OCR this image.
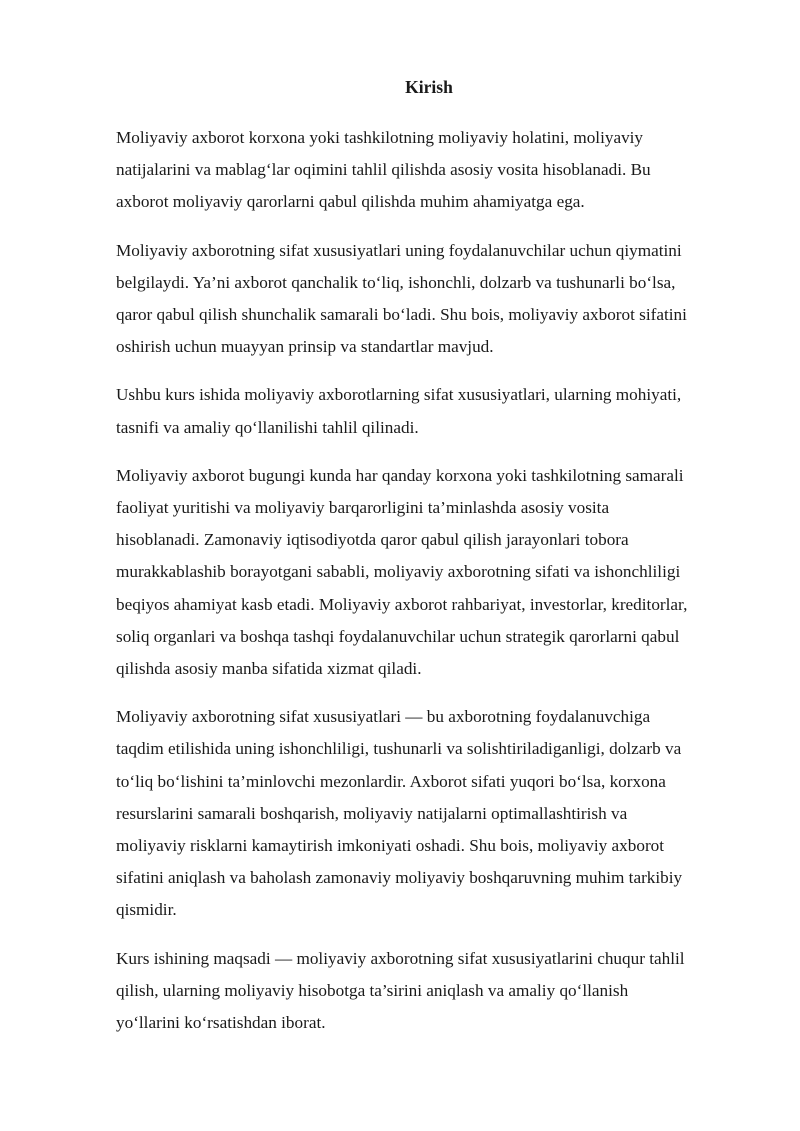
Kirish

Moliyaviy axborot korxona yoki tashkilotning moliyaviy holatini, moliyaviy
natijalarini va mablag‘lar oqimini tahlil qilishda asosiy vosita hisoblanadi. Bu
axborot moliyaviy qarorlarni qabul qilishda muhim ahamiyatga ega.

Moliyaviy axborotning sifat xususiyatlari uning foydalanuvchilar uchun qiymatini
belgilaydi. Ya’ni axborot qanchalik to‘liq, ishonchli, dolzarb va tushunarli bo‘lsa,
qaror qabul qilish shunchalik samarali bo‘ladi. Shu bois, moliyaviy axborot sifatini
oshirish uchun muayyan prinsip va standartlar mavjud.

Ushbu kurs ishida moliyaviy axborotlarning sifat xususiyatlari, ularning mohiyati,
tasnifi va amaliy qo‘llanilishi tahlil qilinadi.

Moliyaviy axborot bugungi kunda har qanday korxona yoki tashkilotning samarali
faoliyat yuritishi va moliyaviy barqarorligini ta’minlashda asosiy vosita
hisoblanadi. Zamonaviy iqtisodiyotda qaror qabul qilish jarayonlari tobora
murakkablashib borayotgani sababli, moliyaviy axborotning sifati va ishonchliligi
beqiyos ahamiyat kasb etadi. Moliyaviy axborot rahbariyat, investorlar, kreditorlar,
soliq organlari va boshqa tashqi foydalanuvchilar uchun strategik qarorlarni qabul
qilishda asosiy manba sifatida xizmat qiladi.

Moliyaviy axborotning sifat xususiyatlari — bu axborotning foydalanuvchiga
taqdim etilishida uning ishonchliligi, tushunarli va solishtiriladiganligi, dolzarb va
to‘liq bo‘lishini ta’minlovchi mezonlardir. Axborot sifati yuqori bo‘lsa, korxona
resurslarini samarali boshqarish, moliyaviy natijalarni optimallashtirish va
moliyaviy risklarni kamaytirish imkoniyati oshadi. Shu bois, moliyaviy axborot
sifatini aniqlash va baholash zamonaviy moliyaviy boshqaruvning muhim tarkibiy
qismidir.

Kurs ishining maqsadi — moliyaviy axborotning sifat xususiyatlarini chuqur tahlil
qilish, ularning moliyaviy hisobotga ta’sirini aniqlash va amaliy qo‘llanish
yo‘llarini ko‘rsatishdan iborat.
